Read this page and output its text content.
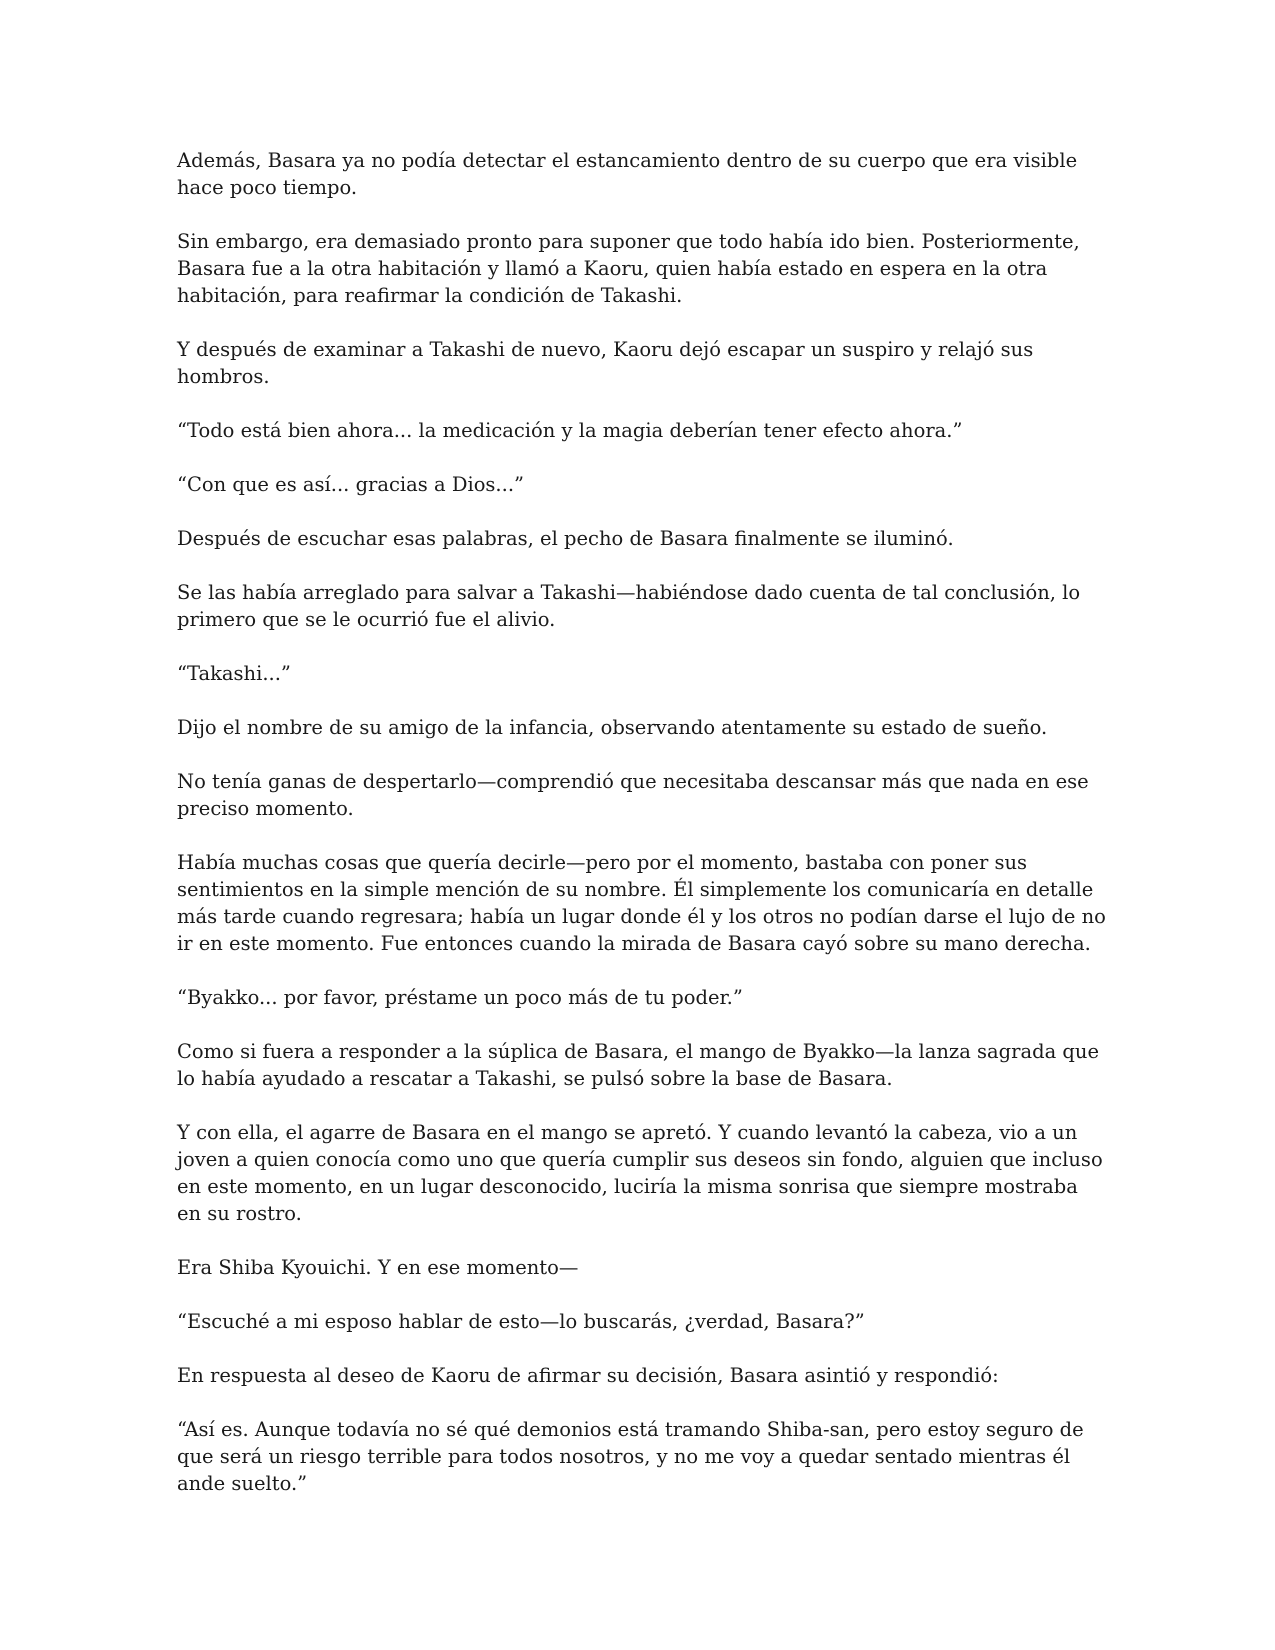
Además, Basara ya no podía detectar el estancamiento dentro de su cuerpo que era visible hace poco tiempo.

Sin embargo, era demasiado pronto para suponer que todo había ido bien. Posteriormente, Basara fue a la otra habitación y llamó a Kaoru, quien había estado en espera en la otra habitación, para reafirmar la condición de Takashi.

Y después de examinar a Takashi de nuevo, Kaoru dejó escapar un suspiro y relajó sus hombros.

“Todo está bien ahora... la medicación y la magia deberían tener efecto ahora.”

“Con que es así... gracias a Dios...”

Después de escuchar esas palabras, el pecho de Basara finalmente se iluminó.

Se las había arreglado para salvar a Takashi—habiéndose dado cuenta de tal conclusión, lo primero que se le ocurrió fue el alivio.

“Takashi...”

Dijo el nombre de su amigo de la infancia, observando atentamente su estado de sueño.

No tenía ganas de despertarlo—comprendió que necesitaba descansar más que nada en ese preciso momento.

Había muchas cosas que quería decirle—pero por el momento, bastaba con poner sus sentimientos en la simple mención de su nombre. Él simplemente los comunicaría en detalle más tarde cuando regresara; había un lugar donde él y los otros no podían darse el lujo de no ir en este momento. Fue entonces cuando la mirada de Basara cayó sobre su mano derecha.

“Byakko... por favor, préstame un poco más de tu poder.”

Como si fuera a responder a la súplica de Basara, el mango de Byakko—la lanza sagrada que lo había ayudado a rescatar a Takashi, se pulsó sobre la base de Basara.

Y con ella, el agarre de Basara en el mango se apretó. Y cuando levantó la cabeza, vio a un joven a quien conocía como uno que quería cumplir sus deseos sin fondo, alguien que incluso en este momento, en un lugar desconocido, luciría la misma sonrisa que siempre mostraba en su rostro.

Era Shiba Kyouichi. Y en ese momento—

“Escuché a mi esposo hablar de esto—lo buscarás, ¿verdad, Basara?”

En respuesta al deseo de Kaoru de afirmar su decisión, Basara asintió y respondió:

“Así es. Aunque todavía no sé qué demonios está tramando Shiba-san, pero estoy seguro de que será un riesgo terrible para todos nosotros, y no me voy a quedar sentado mientras él ande suelto.”
